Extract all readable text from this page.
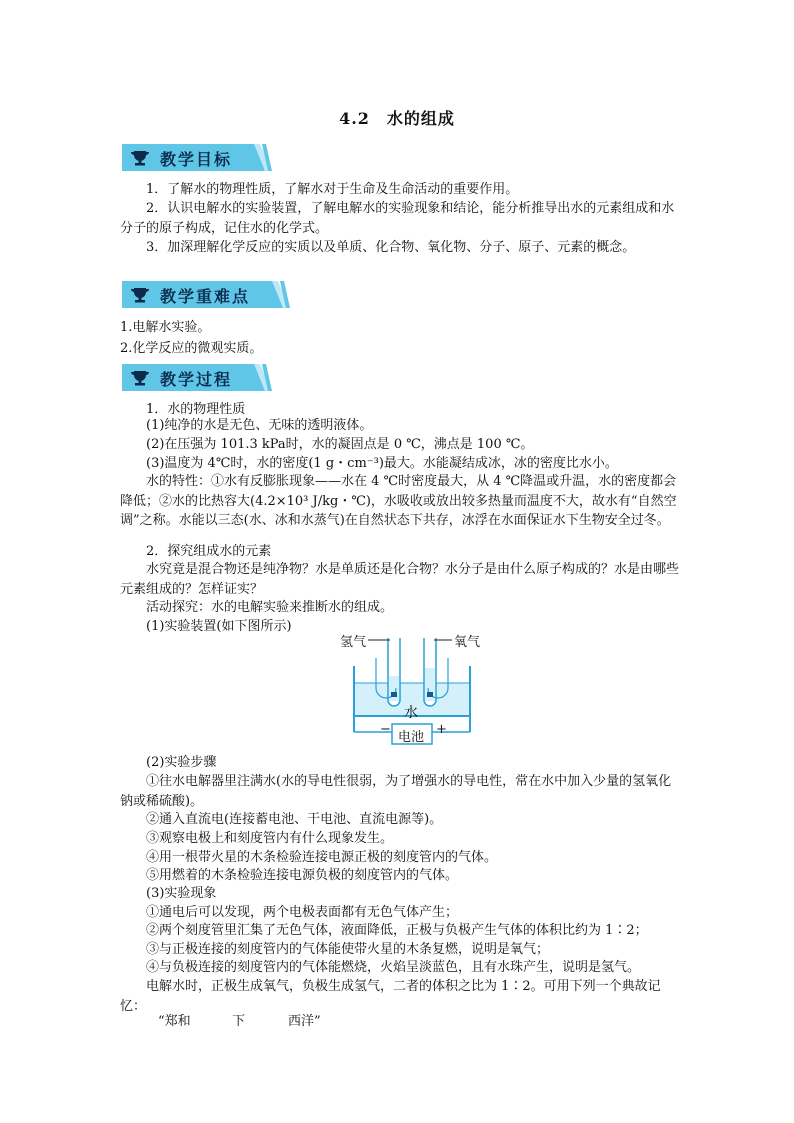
4.2　水的组成
教学目标
1．了解水的物理性质，了解水对于生命及生命活动的重要作用。
2．认识电解水的实验装置，了解电解水的实验现象和结论，能分析推导出水的元素组成和水分子的原子构成，记住水的化学式。
3．加深理解化学反应的实质以及单质、化合物、氧化物、分子、原子、元素的概念。
教学重难点
1.电解水实验。
2.化学反应的微观实质。
教学过程
1．水的物理性质
(1)纯净的水是无色、无味的透明液体。
(2)在压强为 101.3 kPa时，水的凝固点是 0 ℃，沸点是 100 ℃。
(3)温度为 4℃时，水的密度(1 g・cm⁻³)最大。水能凝结成冰，冰的密度比水小。
水的特性：①水有反膨胀现象——水在 4 ℃时密度最大，从 4 ℃降温或升温，水的密度都会降低；②水的比热容大(4.2×10³ J/kg・℃)，水吸收或放出较多热量而温度不大，故水有“自然空调”之称。水能以三态(水、冰和水蒸气)在自然状态下共存，冰浮在水面保证水下生物安全过冬。
2．探究组成水的元素
水究竟是混合物还是纯净物？水是单质还是化合物？水分子是由什么原子构成的？水是由哪些元素组成的？怎样证实？
活动探究：水的电解实验来推断水的组成。
(1)实验装置(如下图所示)
氢气	氧气
水
电池
−	+
(2)实验步骤
①往水电解器里注满水(水的导电性很弱，为了增强水的导电性，常在水中加入少量的氢氧化钠或稀硫酸)。
②通入直流电(连接蓄电池、干电池、直流电源等)。
③观察电极上和刻度管内有什么现象发生。
④用一根带火星的木条检验连接电源正极的刻度管内的气体。
⑤用燃着的木条检验连接电源负极的刻度管内的气体。
(3)实验现象
①通电后可以发现，两个电极表面都有无色气体产生；
②两个刻度管里汇集了无色气体，液面降低，正极与负极产生气体的体积比约为 1∶2；
③与正极连接的刻度管内的气体能使带火星的木条复燃，说明是氧气；
④与负极连接的刻度管内的气体能燃烧，火焰呈淡蓝色，且有水珠产生，说明是氢气。
电解水时，正极生成氧气，负极生成氢气，二者的体积之比为 1∶2。可用下列一个典故记忆：
“郑和	下	西洋”
